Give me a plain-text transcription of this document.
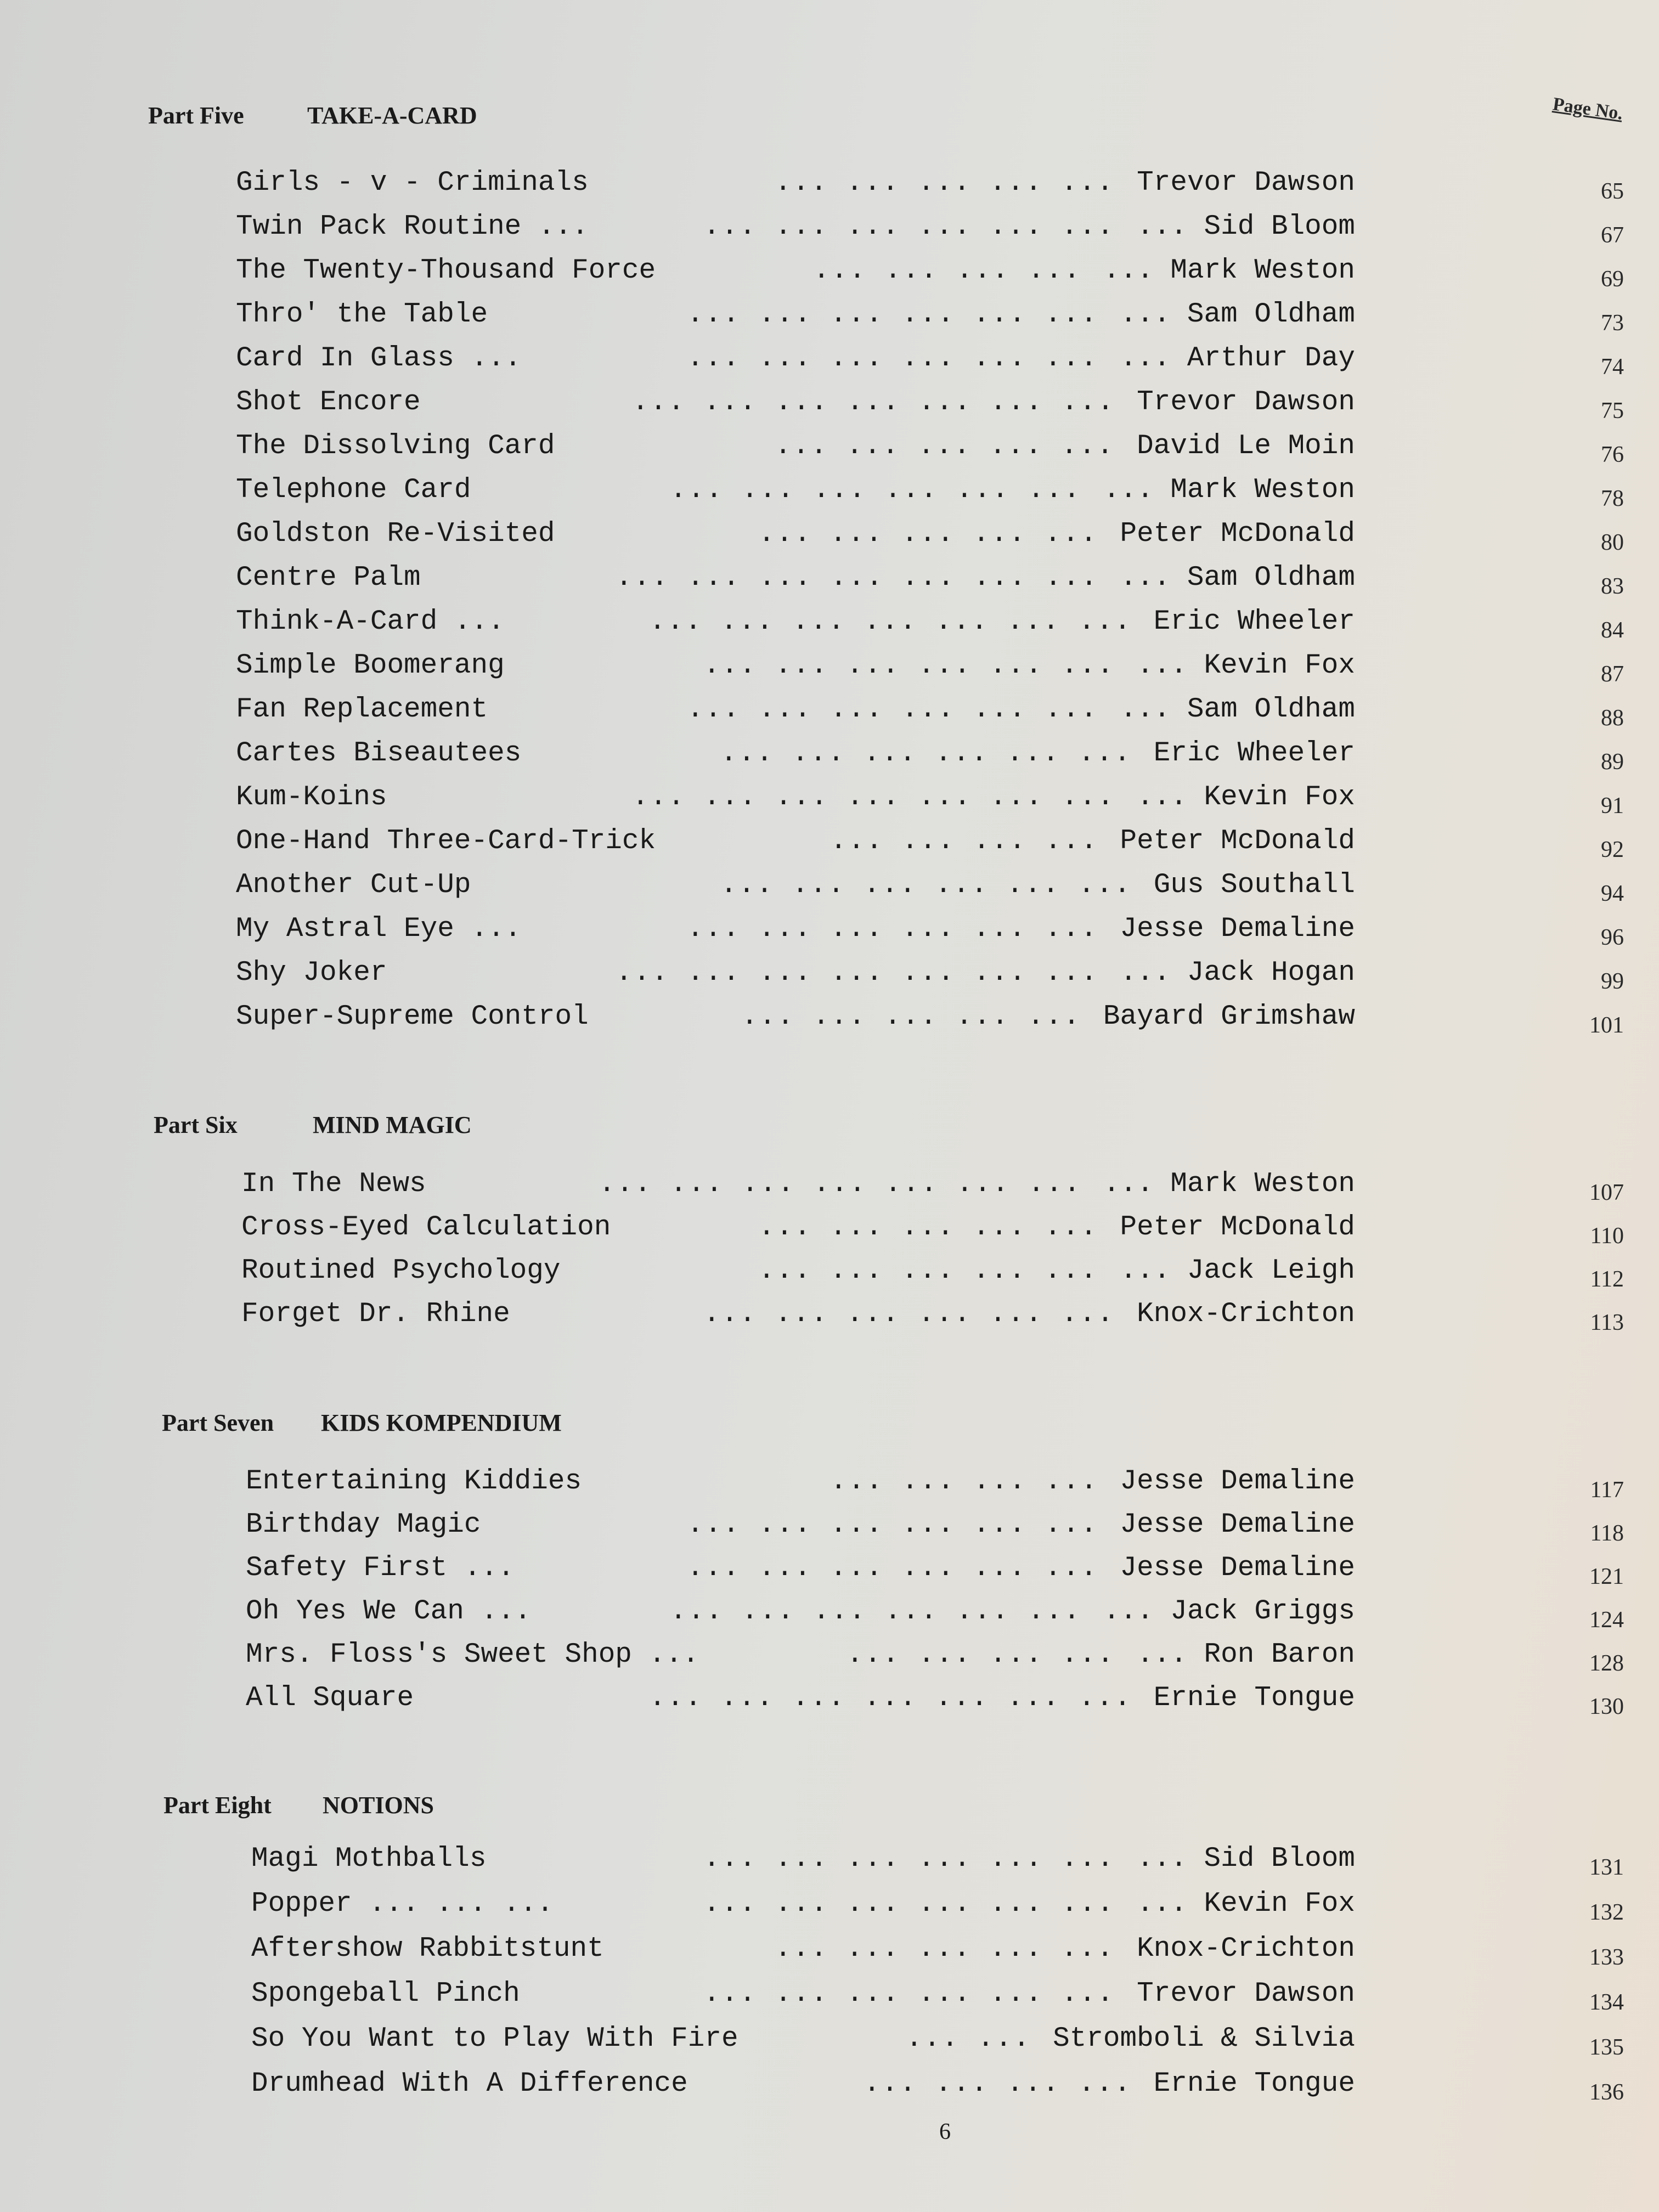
Page No.
Part Five	TAKE-A-CARD
Girls - v - Criminals	... ... ... ... ... Trevor Dawson	65
Twin Pack Routine ...	... ... ... ... ... ... ... Sid Bloom	67
The Twenty-Thousand Force	... ... ... ... ... Mark Weston	69
Thro' the Table	... ... ... ... ... ... ... Sam Oldham	73
Card In Glass ...	... ... ... ... ... ... ... Arthur Day	74
Shot Encore	... ... ... ... ... ... ... Trevor Dawson	75
The Dissolving Card	... ... ... ... ... David Le Moin	76
Telephone Card	... ... ... ... ... ... ... Mark Weston	78
Goldston Re-Visited	... ... ... ... ... Peter McDonald	80
Centre Palm	... ... ... ... ... ... ... ... Sam Oldham	83
Think-A-Card ...	... ... ... ... ... ... ... Eric Wheeler	84
Simple Boomerang	... ... ... ... ... ... ... Kevin Fox	87
Fan Replacement	... ... ... ... ... ... ... Sam Oldham	88
Cartes Biseautees	... ... ... ... ... ... Eric Wheeler	89
Kum-Koins	... ... ... ... ... ... ... ... Kevin Fox	91
One-Hand Three-Card-Trick	... ... ... ... Peter McDonald	92
Another Cut-Up	... ... ... ... ... ... Gus Southall	94
My Astral Eye ...	... ... ... ... ... ... Jesse Demaline	96
Shy Joker	... ... ... ... ... ... ... ... Jack Hogan	99
Super-Supreme Control	... ... ... ... ... Bayard Grimshaw	101
Part Six	MIND MAGIC
In The News	... ... ... ... ... ... ... ... Mark Weston	107
Cross-Eyed Calculation	... ... ... ... ... Peter McDonald	110
Routined Psychology	... ... ... ... ... ... Jack Leigh	112
Forget Dr. Rhine	... ... ... ... ... ... Knox-Crichton	113
Part Seven KIDS KOMPENDIUM
Entertaining Kiddies	... ... ... ... Jesse Demaline	117
Birthday Magic	... ... ... ... ... ... Jesse Demaline	118
Safety First ...	... ... ... ... ... ... Jesse Demaline	121
Oh Yes We Can ...	... ... ... ... ... ... ... Jack Griggs	124
Mrs. Floss's Sweet Shop ...	... ... ... ... ... Ron Baron	128
All Square	... ... ... ... ... ... ... Ernie Tongue	130
Part Eight NOTIONS
Magi Mothballs	... ... ... ... ... ... ... Sid Bloom	131
Popper ... ... ...	... ... ... ... ... ... ... Kevin Fox	132
Aftershow Rabbitstunt	... ... ... ... ... Knox-Crichton	133
Spongeball Pinch	... ... ... ... ... ... Trevor Dawson	134
So You Want to Play With Fire	... ... Stromboli & Silvia	135
Drumhead With A Difference	... ... ... ... Ernie Tongue	136
6
